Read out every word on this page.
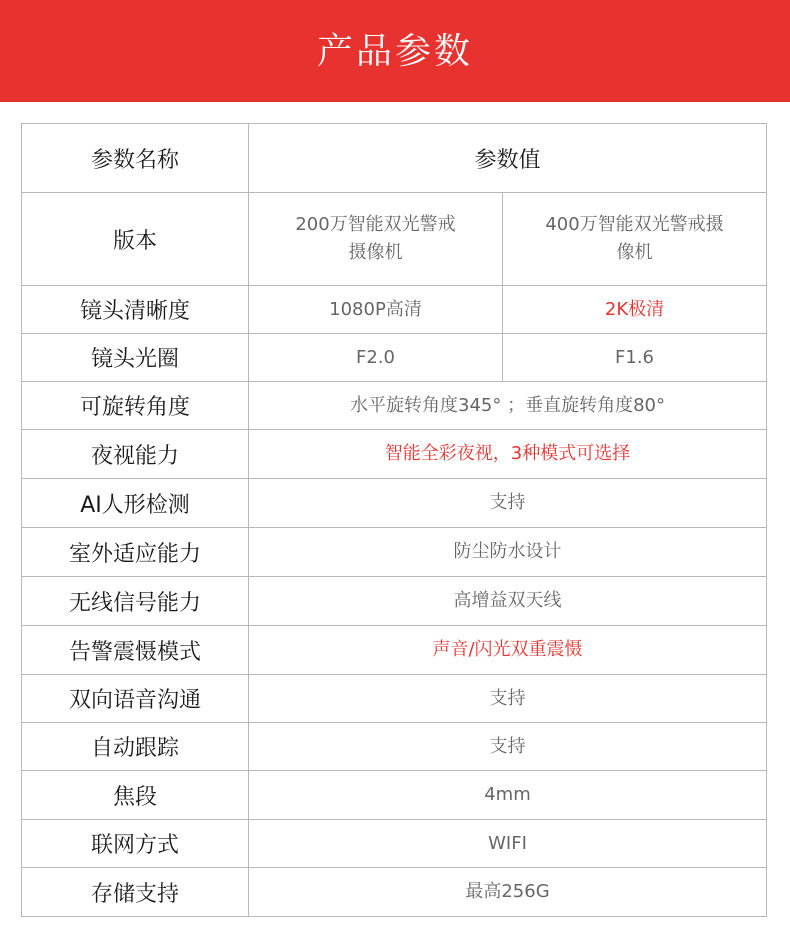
产品参数
参数名称	参数值	
版本	200万智能双光警戒摄像机	400万智能双光警戒摄像机
镜头清晰度	1080P高清	2K极清
镜头光圈	F2.0	F1.6
可旋转角度	水平旋转角度345° ；垂直旋转角度80°	
夜视能力	智能全彩夜视，3种模式可选择	
AI人形检测	支持	
室外适应能力	防尘防水设计	
无线信号能力	高增益双天线	
告警震慑模式	声音/闪光双重震慑	
双向语音沟通	支持	
自动跟踪	支持	
焦段	4mm	
联网方式	WIFI	
存储支持	最高256G	
